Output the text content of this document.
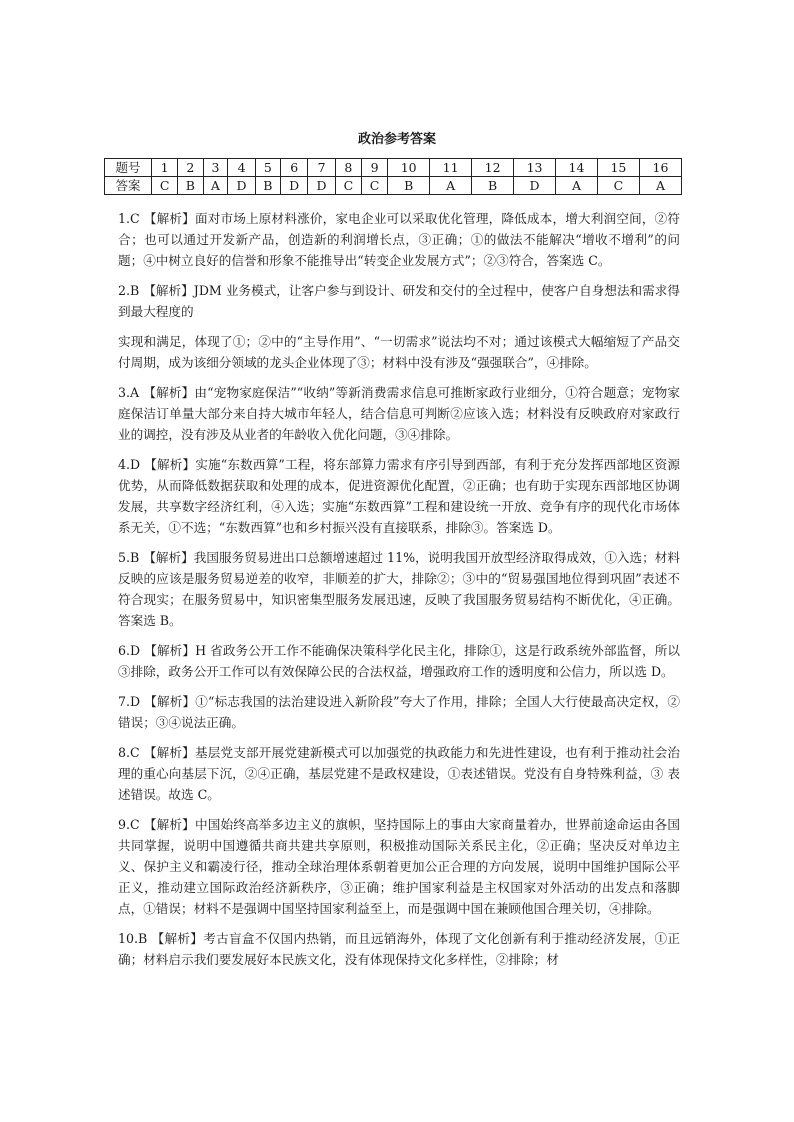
政治参考答案
题号	1	2	3	4	5	6	7	8	9	10	11	12	13	14	15	16
答案	C	B	A	D	B	D	D	C	C	B	A	B	D	A	C	A

1.C 【解析】面对市场上原材料涨价，家电企业可以采取优化管理，降低成本，增大利润空间，②符合；也可以通过开发新产品，创造新的利润增长点，③正确；①的做法不能解决“增收不增利”的问题；④中树立良好的信誉和形象不能推导出“转变企业发展方式”；②③符合，答案选 C。

2.B 【解析】JDM 业务模式，让客户参与到设计、研发和交付的全过程中，使客户自身想法和需求得到最大程度的

实现和满足，体现了①；②中的“主导作用”、“一切需求”说法均不对；通过该模式大幅缩短了产品交付周期，成为该细分领域的龙头企业体现了③；材料中没有涉及“强强联合”，④排除。

3.A 【解析】由“宠物家庭保洁”“收纳”等新消费需求信息可推断家政行业细分，①符合题意；宠物家庭保洁订单量大部分来自持大城市年轻人，结合信息可判断②应该入选；材料没有反映政府对家政行业的调控，没有涉及从业者的年龄收入优化问题，③④排除。

4.D 【解析】实施“东数西算”工程，将东部算力需求有序引导到西部，有利于充分发挥西部地区资源优势，从而降低数据获取和处理的成本，促进资源优化配置，②正确；也有助于实现东西部地区协调发展，共享数字经济红利，④入选；实施“东数西算”工程和建设统一开放、竞争有序的现代化市场体系无关，①不选；“东数西算”也和乡村振兴没有直接联系，排除③。答案选 D。

5.B 【解析】我国服务贸易进出口总额增速超过 11%，说明我国开放型经济取得成效，①入选；材料反映的应该是服务贸易逆差的收窄，非顺差的扩大，排除②；③中的“贸易强国地位得到巩固”表述不符合现实；在服务贸易中，知识密集型服务发展迅速，反映了我国服务贸易结构不断优化，④正确。答案选 B。

6.D 【解析】H 省政务公开工作不能确保决策科学化民主化，排除①，这是行政系统外部监督，所以③排除，政务公开工作可以有效保障公民的合法权益，增强政府工作的透明度和公信力，所以选 D。

7.D 【解析】①“标志我国的法治建设进入新阶段”夸大了作用，排除；全国人大行使最高决定权，②错误；③④说法正确。

8.C 【解析】基层党支部开展党建新模式可以加强党的执政能力和先进性建设，也有利于推动社会治理的重心向基层下沉，②④正确，基层党建不是政权建设，①表述错误。党没有自身特殊利益，③ 表述错误。故选 C。

9.C 【解析】中国始终高举多边主义的旗帜，坚持国际上的事由大家商量着办，世界前途命运由各国共同掌握，说明中国遵循共商共建共享原则，积极推动国际关系民主化，②正确；坚决反对单边主义、保护主义和霸凌行径，推动全球治理体系朝着更加公正合理的方向发展，说明中国维护国际公平正义，推动建立国际政治经济新秩序，③正确；维护国家利益是主权国家对外活动的出发点和落脚点，①错误；材料不是强调中国坚持国家利益至上，而是强调中国在兼顾他国合理关切，④排除。

10.B 【解析】考古盲盒不仅国内热销，而且远销海外，体现了文化创新有利于推动经济发展，①正确；材料启示我们要发展好本民族文化，没有体现保持文化多样性，②排除；材
